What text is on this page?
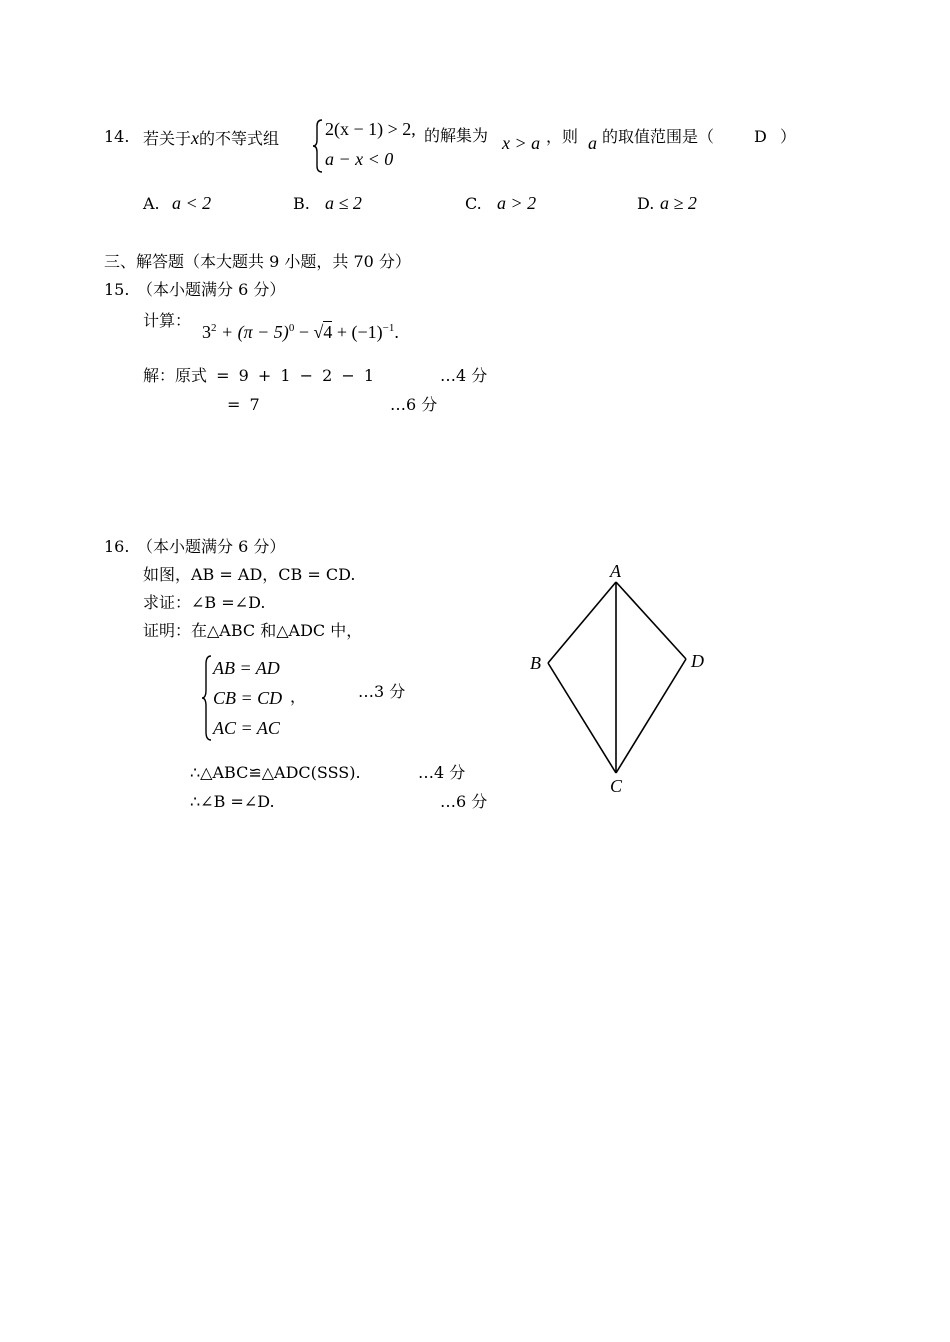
14. 若关于x的不等式组	2(x − 1) > 2,
a − x < 0
的解集为 x > a ，则 a 的取值范围是（ D ）
A. a < 2	B. a ≤ 2	C. a > 2	D. a ≥ 2
三、解答题（本大题共 9 小题，共 70 分）
15. （本小题满分 6 分）
计算：
$3^2 + (\pi - 5)^0 - √4 + (-1)^{-1}$.
解：原式 = 9 + 1 − 2 − 1	…4 分
= 7	…6 分
16. （本小题满分 6 分）
如图，AB = AD，CB = CD.
求证：∠B =∠D.
证明：在△ABC 和△ADC 中，
AB = AD
CB = CD ，
AC = AC
…3 分
∴△ABC≌△ADC(SSS).	…4 分
∴∠B =∠D.	…6 分
A
B	D
C
